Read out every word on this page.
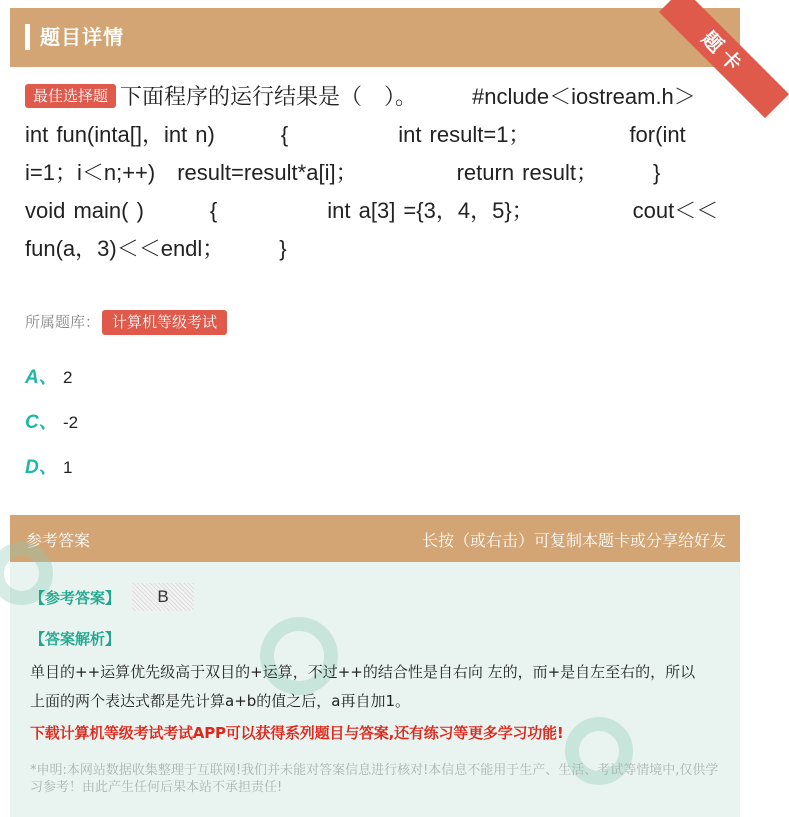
题目详情	题卡
最佳选择题 下面程序的运行结果是（　）。　　　#nclude＜iostream.h＞　　　int fun(inta[]，int n)　　　{　　　　　int result=1；　　　　　for(int i=1；i＜n;++)　result=result*a[i]；　　　　　return result；　　　}　　　void main( )　　　{　　　　　int a[3] ={3，4，5}；　　　　　cout＜＜fun(a，3)＜＜endl；　　　}
所属题库： 计算机等级考试
A、 2
C、 -2
D、 1
参考答案	长按（或右击）可复制本题卡或分享给好友
【参考答案】	B
【答案解析】
单目的++运算优先级高于双目的+运算，不过++的结合性是自右向 左的，而+是自左至右的，所以上面的两个表达式都是先计算a+b的值之后，a再自加1。
下载计算机等级考试考试APP可以获得系列题目与答案,还有练习等更多学习功能!
*申明:本网站数据收集整理于互联网!我们并未能对答案信息进行核对!本信息不能用于生产、生活、考试等情境中,仅供学习参考！由此产生任何后果本站不承担责任!
